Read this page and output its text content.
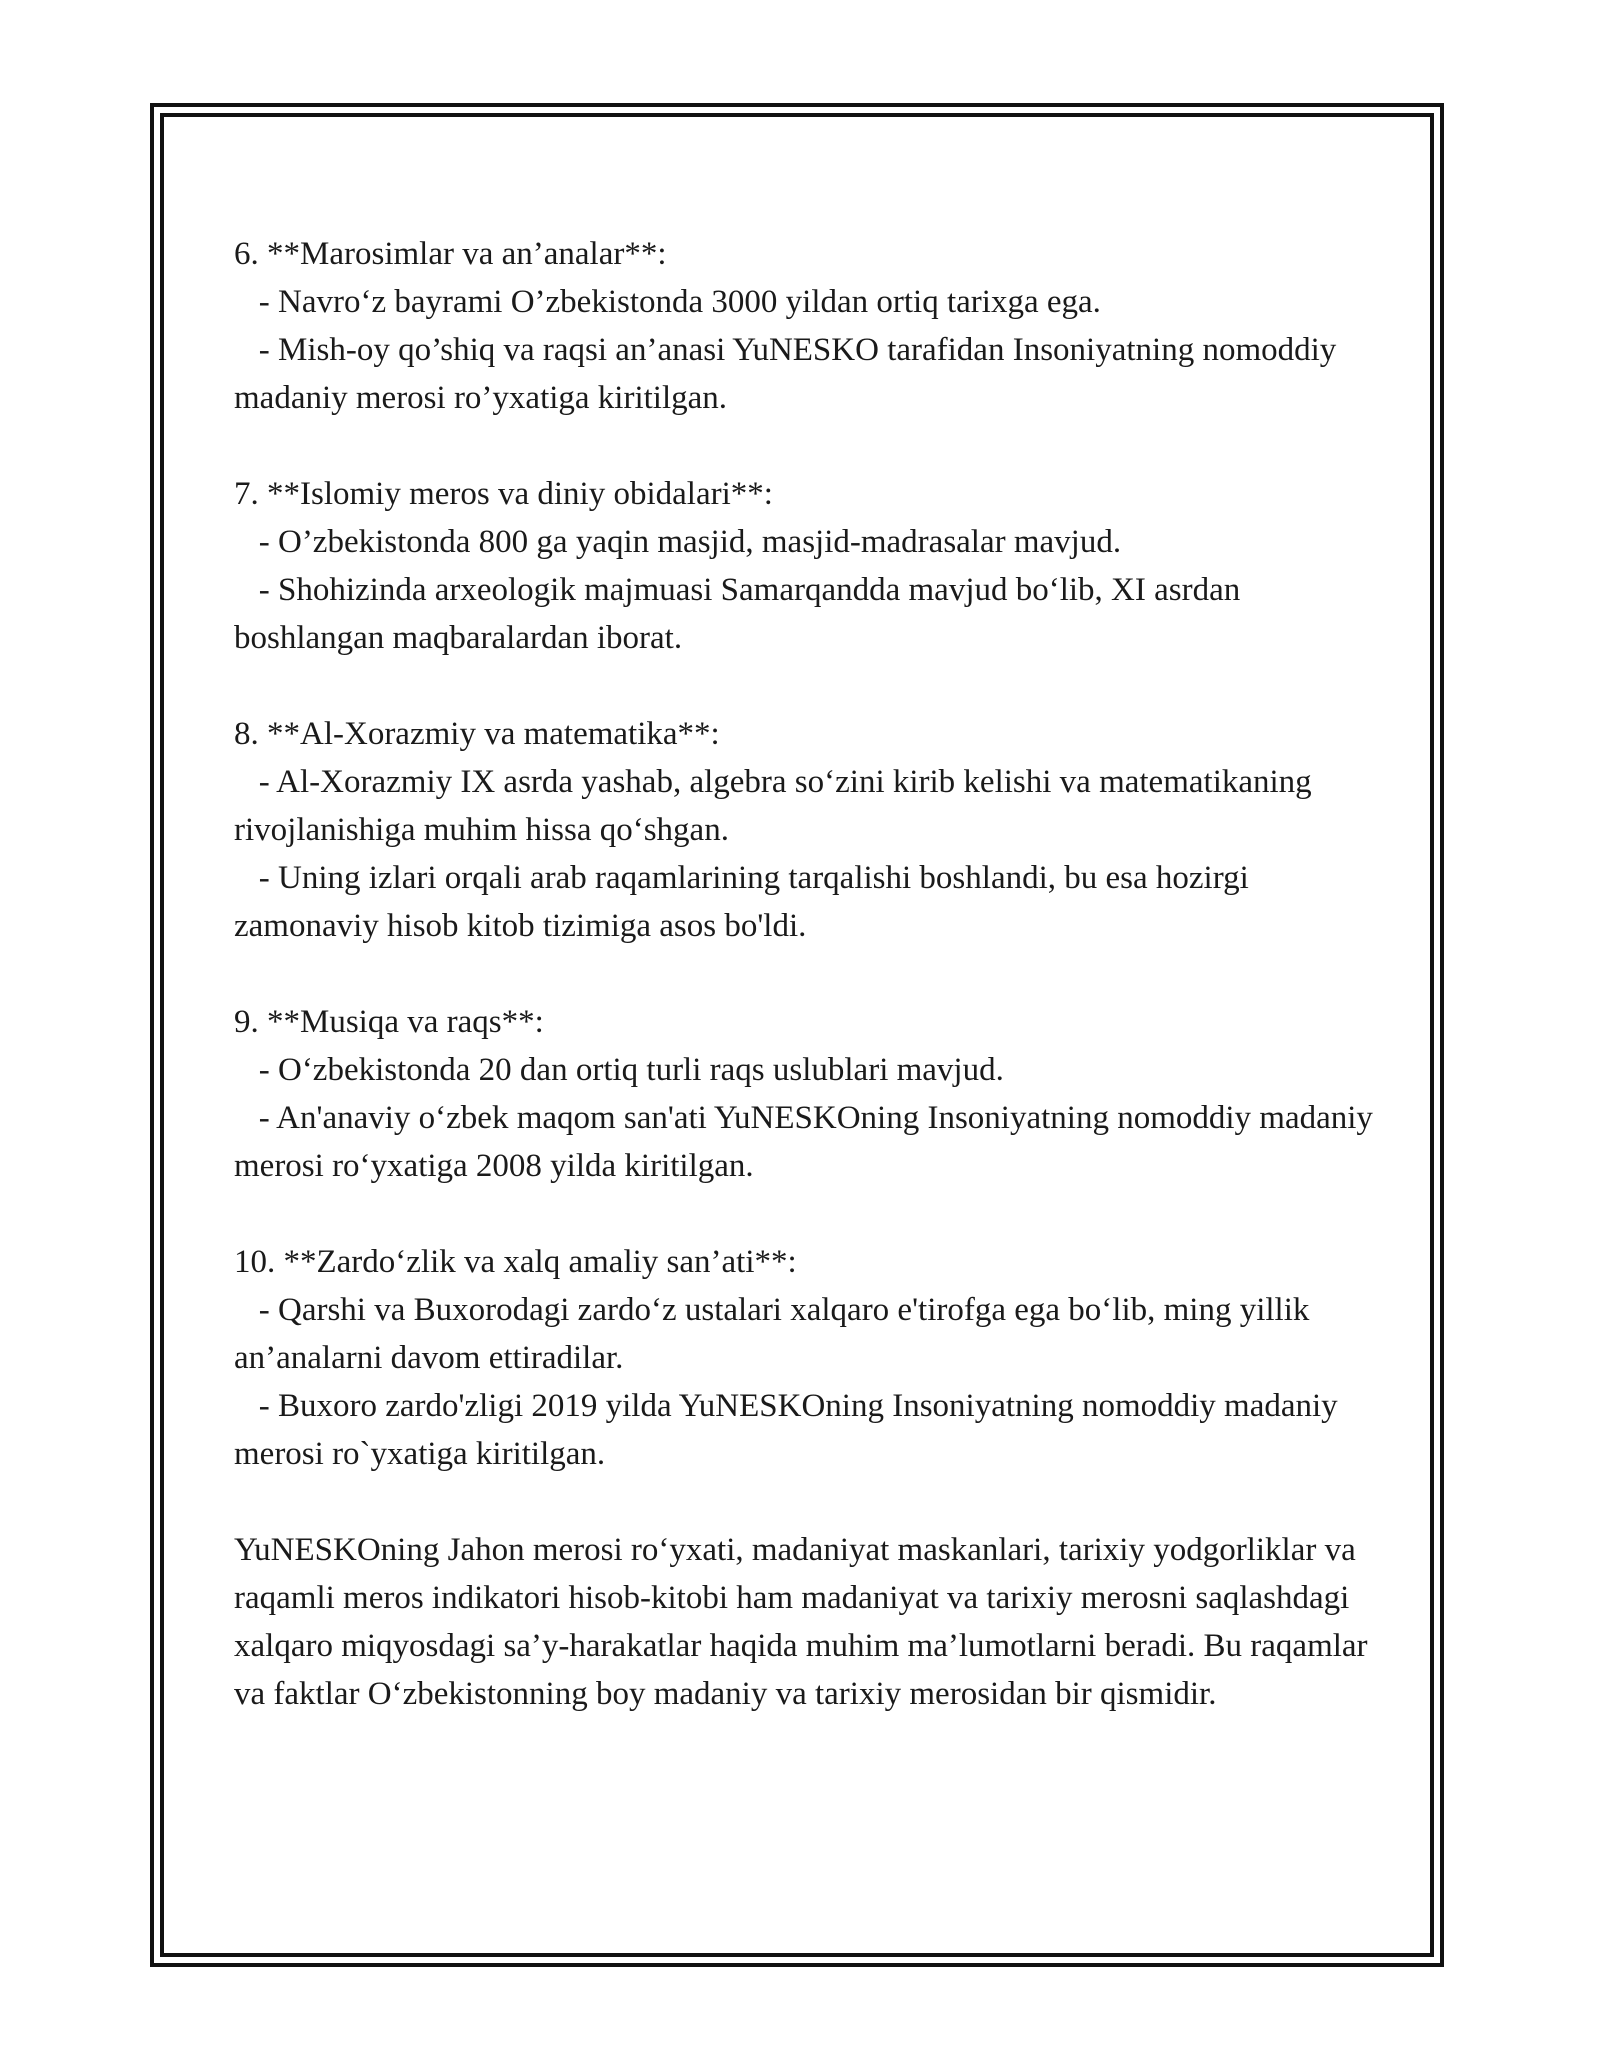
6. **Marosimlar va an’analar**:

- Navro‘z bayrami O’zbekistonda 3000 yildan ortiq tarixga ega.

- Mish-oy qo’shiq va raqsi an’anasi YuNESKO tarafidan Insoniyatning nomoddiy madaniy merosi ro’yxatiga kiritilgan.

7. **Islomiy meros va diniy obidalari**:

- O’zbekistonda 800 ga yaqin masjid, masjid-madrasalar mavjud.

- Shohizinda arxeologik majmuasi Samarqandda mavjud bo‘lib, XI asrdan boshlangan maqbaralardan iborat.

8. **Al-Xorazmiy va matematika**:

- Al-Xorazmiy IX asrda yashab, algebra so‘zini kirib kelishi va matematikaning rivojlanishiga muhim hissa qo‘shgan.

- Uning izlari orqali arab raqamlarining tarqalishi boshlandi, bu esa hozirgi zamonaviy hisob kitob tizimiga asos bo'ldi.

9. **Musiqa va raqs**:

- O‘zbekistonda 20 dan ortiq turli raqs uslublari mavjud.

- An'anaviy o‘zbek maqom san'ati YuNESKOning Insoniyatning nomoddiy madaniy merosi ro‘yxatiga 2008 yilda kiritilgan.

10. **Zardo‘zlik va xalq amaliy san’ati**:

- Qarshi va Buxorodagi zardo‘z ustalari xalqaro e'tirofga ega bo‘lib, ming yillik an’analarni davom ettiradilar.

- Buxoro zardo'zligi 2019 yilda YuNESKOning Insoniyatning nomoddiy madaniy merosi ro`yxatiga kiritilgan.

YuNESKOning Jahon merosi ro‘yxati, madaniyat maskanlari, tarixiy yodgorliklar va raqamli meros indikatori hisob-kitobi ham madaniyat va tarixiy merosni saqlashdagi xalqaro miqyosdagi sa’y-harakatlar haqida muhim ma’lumotlarni beradi. Bu raqamlar va faktlar O‘zbekistonning boy madaniy va tarixiy merosidan bir qismidir.
